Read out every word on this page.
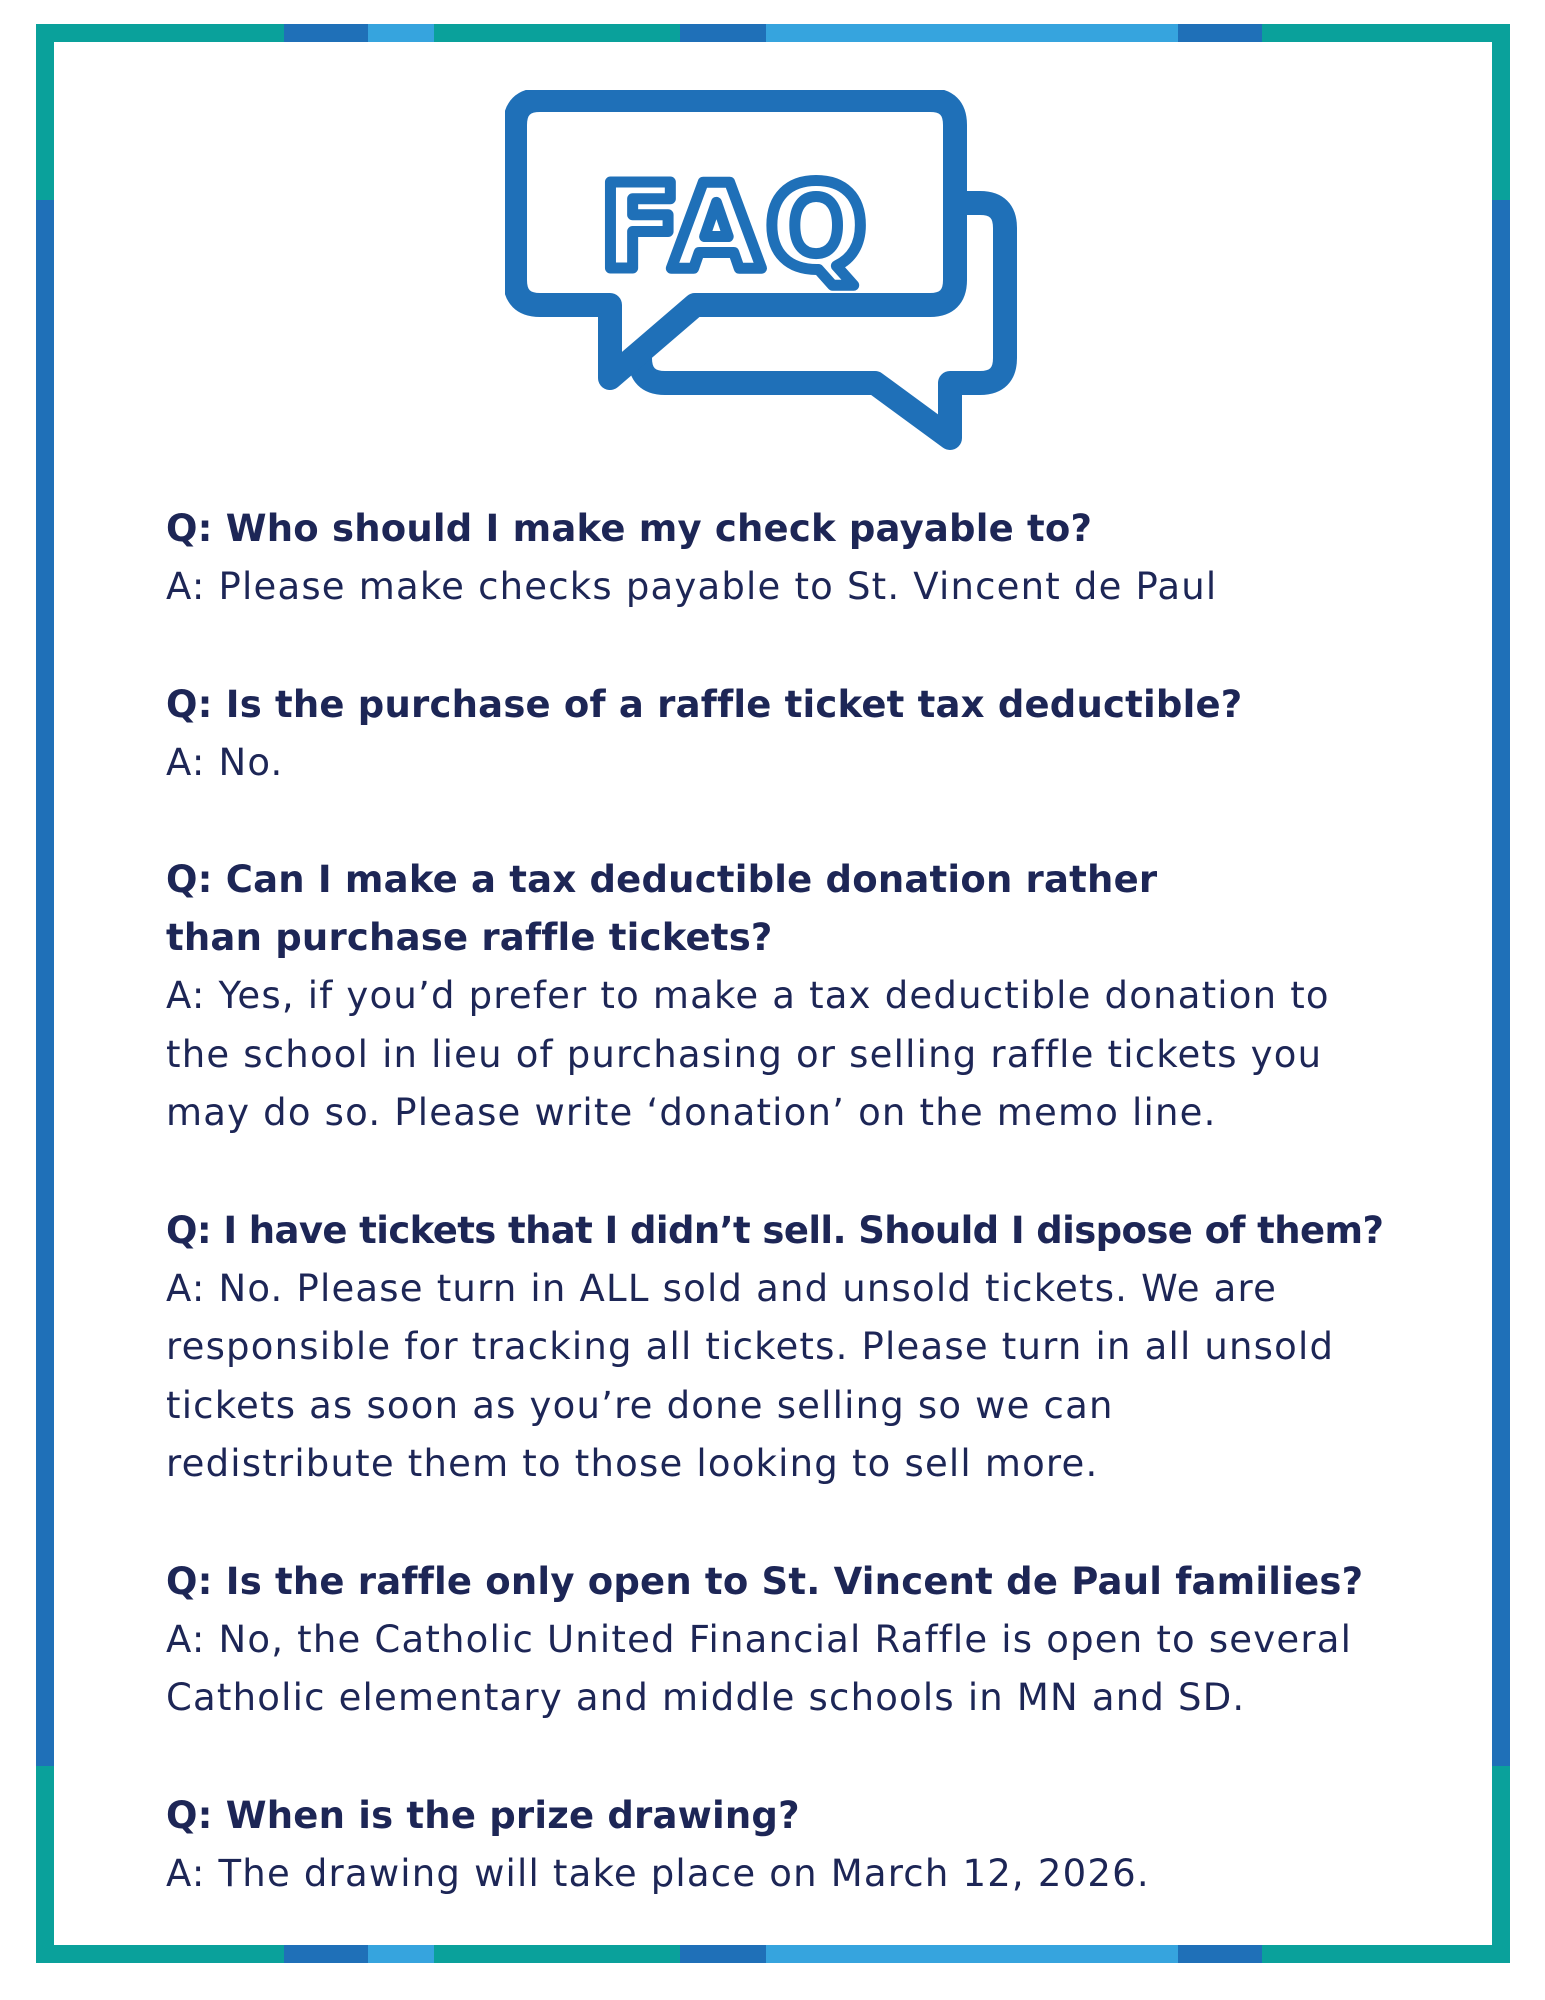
FAQ
Q: Who should I make my check payable to?
A: Please make checks payable to St. Vincent de Paul
Q: Is the purchase of a raffle ticket tax deductible?
A: No.
Q: Can I make a tax deductible donation rather than purchase raffle tickets?
A: Yes, if you’d prefer to make a tax deductible donation to the school in lieu of purchasing or selling raffle tickets you may do so. Please write ‘donation’ on the memo line.
Q: I have tickets that I didn’t sell. Should I dispose of them?
A: No. Please turn in ALL sold and unsold tickets. We are responsible for tracking all tickets. Please turn in all unsold tickets as soon as you’re done selling so we can redistribute them to those looking to sell more.
Q: Is the raffle only open to St. Vincent de Paul families?
A: No, the Catholic United Financial Raffle is open to several Catholic elementary and middle schools in MN and SD.
Q: When is the prize drawing?
A: The drawing will take place on March 12, 2026.
